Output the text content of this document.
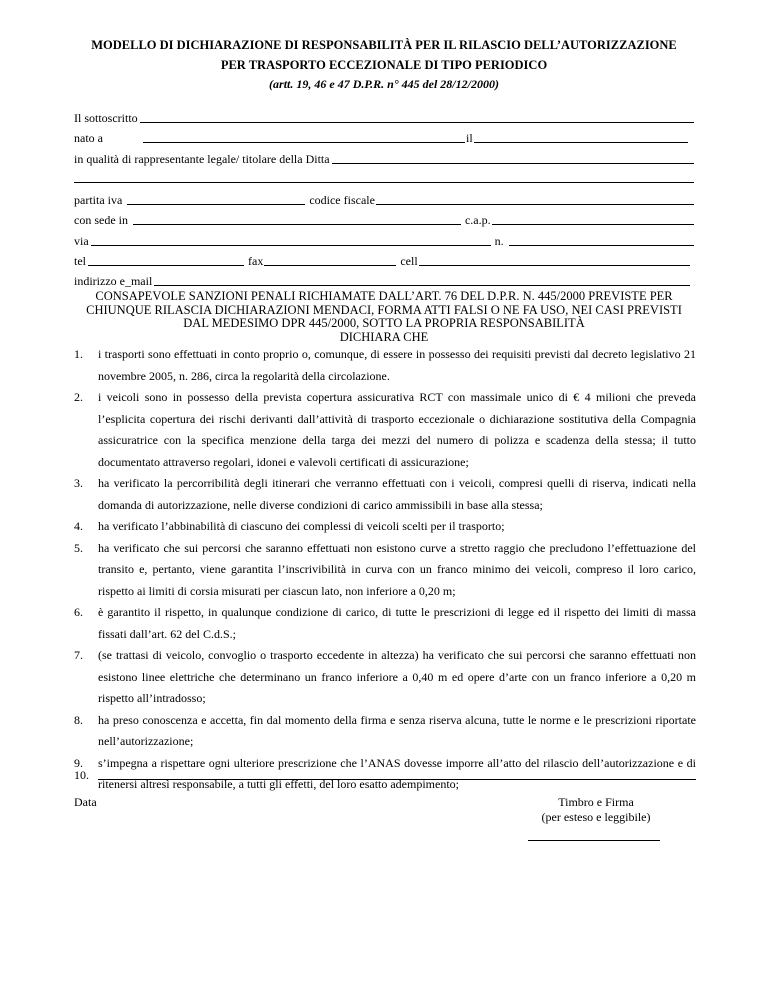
MODELLO DI DICHIARAZIONE DI RESPONSABILITÀ PER IL RILASCIO DELL’AUTORIZZAZIONE
PER TRASPORTO ECCEZIONALE DI TIPO PERIODICO
(artt. 19, 46 e 47 D.P.R. n° 445 del 28/12/2000)
Il sottoscritto
nato a	il
in qualità di rappresentante legale/ titolare della Ditta
partita iva	codice fiscale
con sede in	c.a.p.
via	n.
tel	fax	cell
indirizzo e_mail
CONSAPEVOLE SANZIONI PENALI RICHIAMATE DALL’ART. 76 DEL D.P.R. N. 445/2000 PREVISTE PER
CHIUNQUE RILASCIA DICHIARAZIONI MENDACI, FORMA ATTI FALSI O NE FA USO, NEI CASI PREVISTI
DAL MEDESIMO DPR 445/2000, SOTTO LA PROPRIA RESPONSABILITÀ
DICHIARA CHE
1. i trasporti sono effettuati in conto proprio o, comunque, di essere in possesso dei requisiti previsti dal decreto legislativo 21 novembre 2005, n. 286, circa la regolarità della circolazione.
2. i veicoli sono in possesso della prevista copertura assicurativa RCT con massimale unico di € 4 milioni che preveda l’esplicita copertura dei rischi derivanti dall’attività di trasporto eccezionale o dichiarazione sostitutiva della Compagnia assicuratrice con la specifica menzione della targa dei mezzi del numero di polizza e scadenza della stessa; il tutto documentato attraverso regolari, idonei e valevoli certificati di assicurazione;
3. ha verificato la percorribilità degli itinerari che verranno effettuati con i veicoli, compresi quelli di riserva, indicati nella domanda di autorizzazione, nelle diverse condizioni di carico ammissibili in base alla stessa;
4. ha verificato l’abbinabilità di ciascuno dei complessi di veicoli scelti per il trasporto;
5. ha verificato che sui percorsi che saranno effettuati non esistono curve a stretto raggio che precludono l’effettuazione del transito e, pertanto, viene garantita l’inscrivibilità in curva con un franco minimo dei veicoli, compreso il loro carico, rispetto ai limiti di corsia misurati per ciascun lato, non inferiore a 0,20 m;
6. è garantito il rispetto, in qualunque condizione di carico, di tutte le prescrizioni di legge ed il rispetto dei limiti di massa fissati dall’art. 62 del C.d.S.;
7. (se trattasi di veicolo, convoglio o trasporto eccedente in altezza) ha verificato che sui percorsi che saranno effettuati non esistono linee elettriche che determinano un franco inferiore a 0,40 m ed opere d’arte con un franco inferiore a 0,20 m rispetto all’intradosso;
8. ha preso conoscenza e accetta, fin dal momento della firma e senza riserva alcuna, tutte le norme e le prescrizioni riportate nell’autorizzazione;
9. s’impegna a rispettare ogni ulteriore prescrizione che l’ANAS dovesse imporre all’atto del rilascio dell’autorizzazione e di ritenersi altresì responsabile, a tutti gli effetti, del loro esatto adempimento;
10.
Data	Timbro e Firma
(per esteso e leggibile)
